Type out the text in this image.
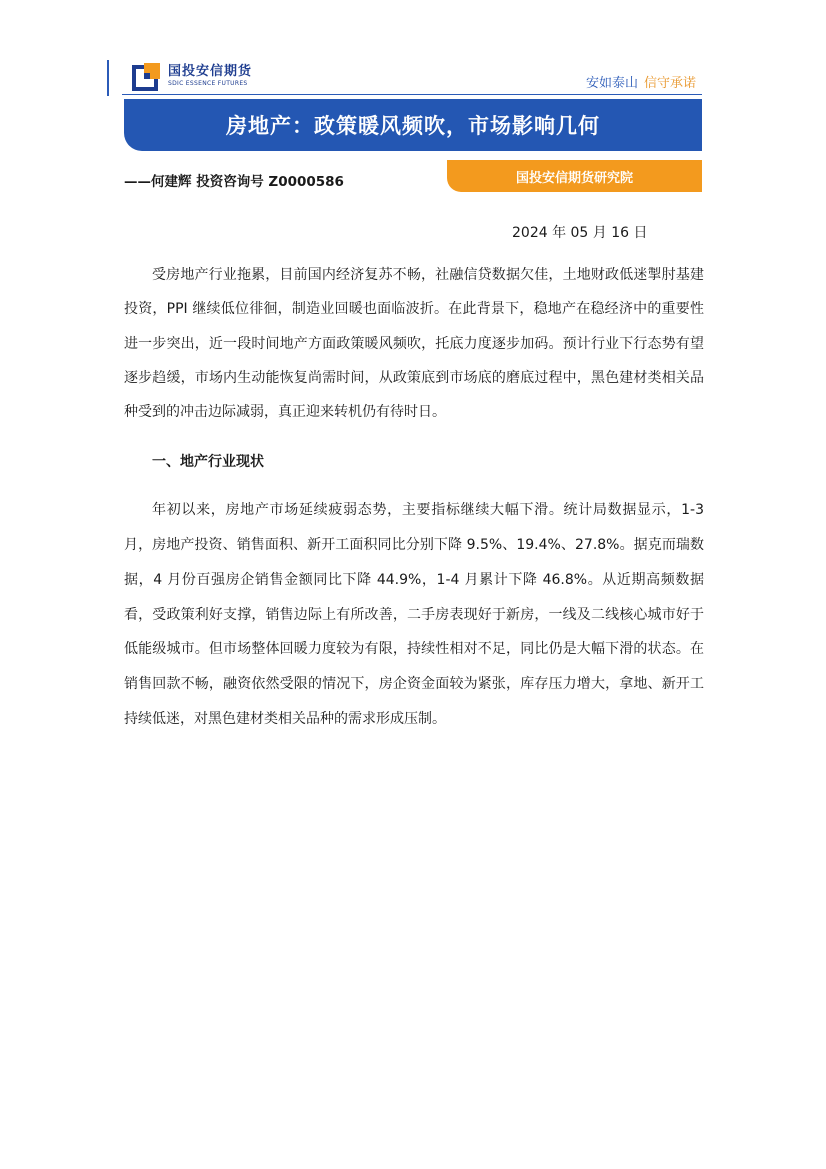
国投安信期货
SDIC ESSENCE FUTURES	安如泰山 信守承诺
房地产：政策暖风频吹，市场影响几何
——何建辉 投资咨询号 Z0000586	国投安信期货研究院
2024 年 05 月 16 日

受房地产行业拖累，目前国内经济复苏不畅，社融信贷数据欠佳，土地财政低迷掣肘基建投资，PPI 继续低位徘徊，制造业回暖也面临波折。在此背景下，稳地产在稳经济中的重要性进一步突出，近一段时间地产方面政策暖风频吹，托底力度逐步加码。预计行业下行态势有望逐步趋缓，市场内生动能恢复尚需时间，从政策底到市场底的磨底过程中，黑色建材类相关品种受到的冲击边际减弱，真正迎来转机仍有待时日。

一、地产行业现状

年初以来，房地产市场延续疲弱态势，主要指标继续大幅下滑。统计局数据显示，1-3 月，房地产投资、销售面积、新开工面积同比分别下降 9.5%、19.4%、27.8%。据克而瑞数据，4 月份百强房企销售金额同比下降 44.9%，1-4 月累计下降 46.8%。从近期高频数据看，受政策利好支撑，销售边际上有所改善，二手房表现好于新房，一线及二线核心城市好于低能级城市。但市场整体回暖力度较为有限，持续性相对不足，同比仍是大幅下滑的状态。在销售回款不畅，融资依然受限的情况下，房企资金面较为紧张，库存压力增大，拿地、新开工持续低迷，对黑色建材类相关品种的需求形成压制。
